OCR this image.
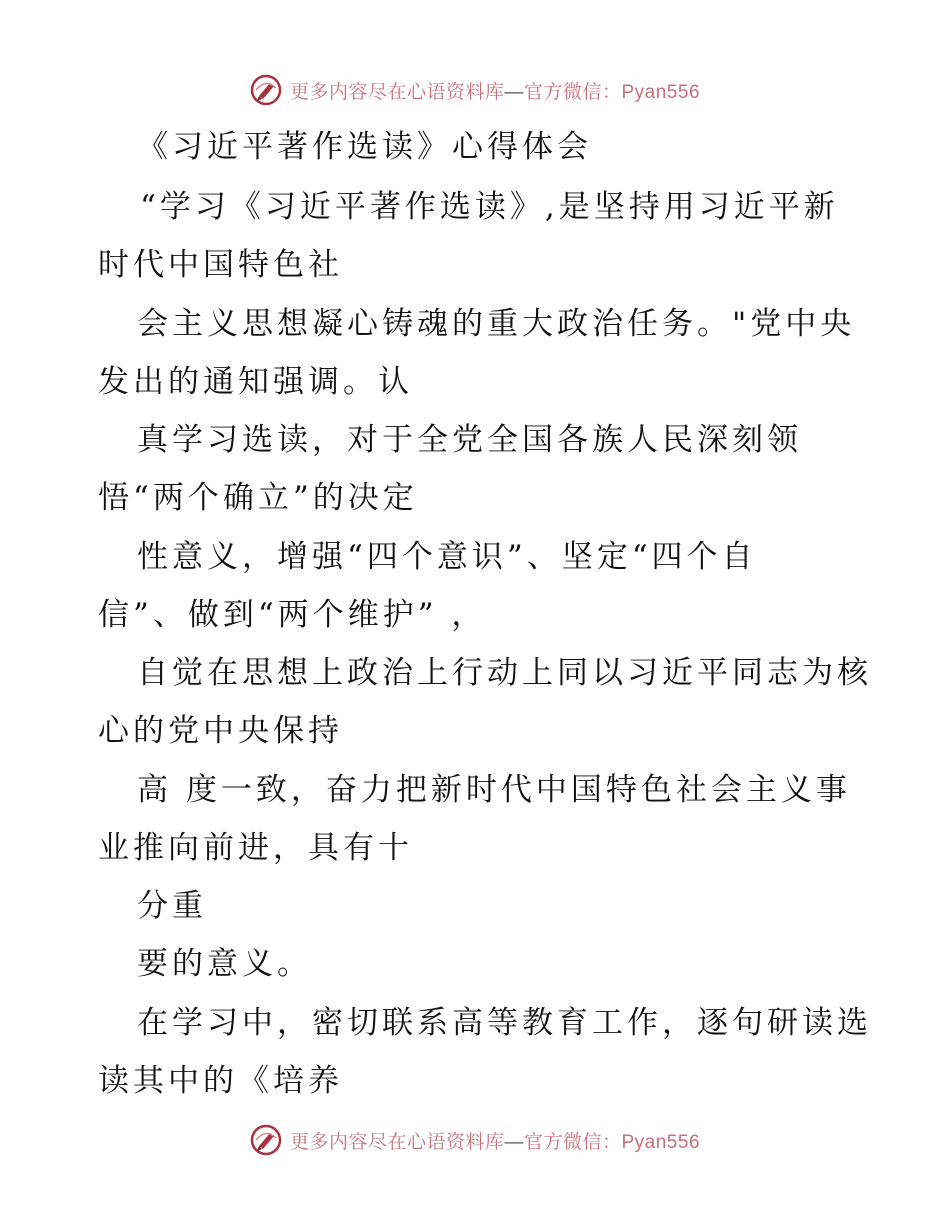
更多内容尽在心语资料库—官方微信：Pyan556
《习近平著作选读》心得体会
“学习《习近平著作选读》,是坚持用习近平新
时代中国特色社
会主义思想凝心铸魂的重大政治任务。"党中央
发出的通知强调。认
真学习选读，对于全党全国各族人民深刻领
悟“两个确立”的决定
性意义，增强“四个意识”、坚定“四个自
信”、做到“两个维护” ，
自觉在思想上政治上行动上同以习近平同志为核
心的党中央保持
高 度一致，奋力把新时代中国特色社会主义事
业推向前进，具有十
分重
要的意义。
在学习中，密切联系高等教育工作，逐句研读选
读其中的《培养
更多内容尽在心语资料库—官方微信：Pyan556
